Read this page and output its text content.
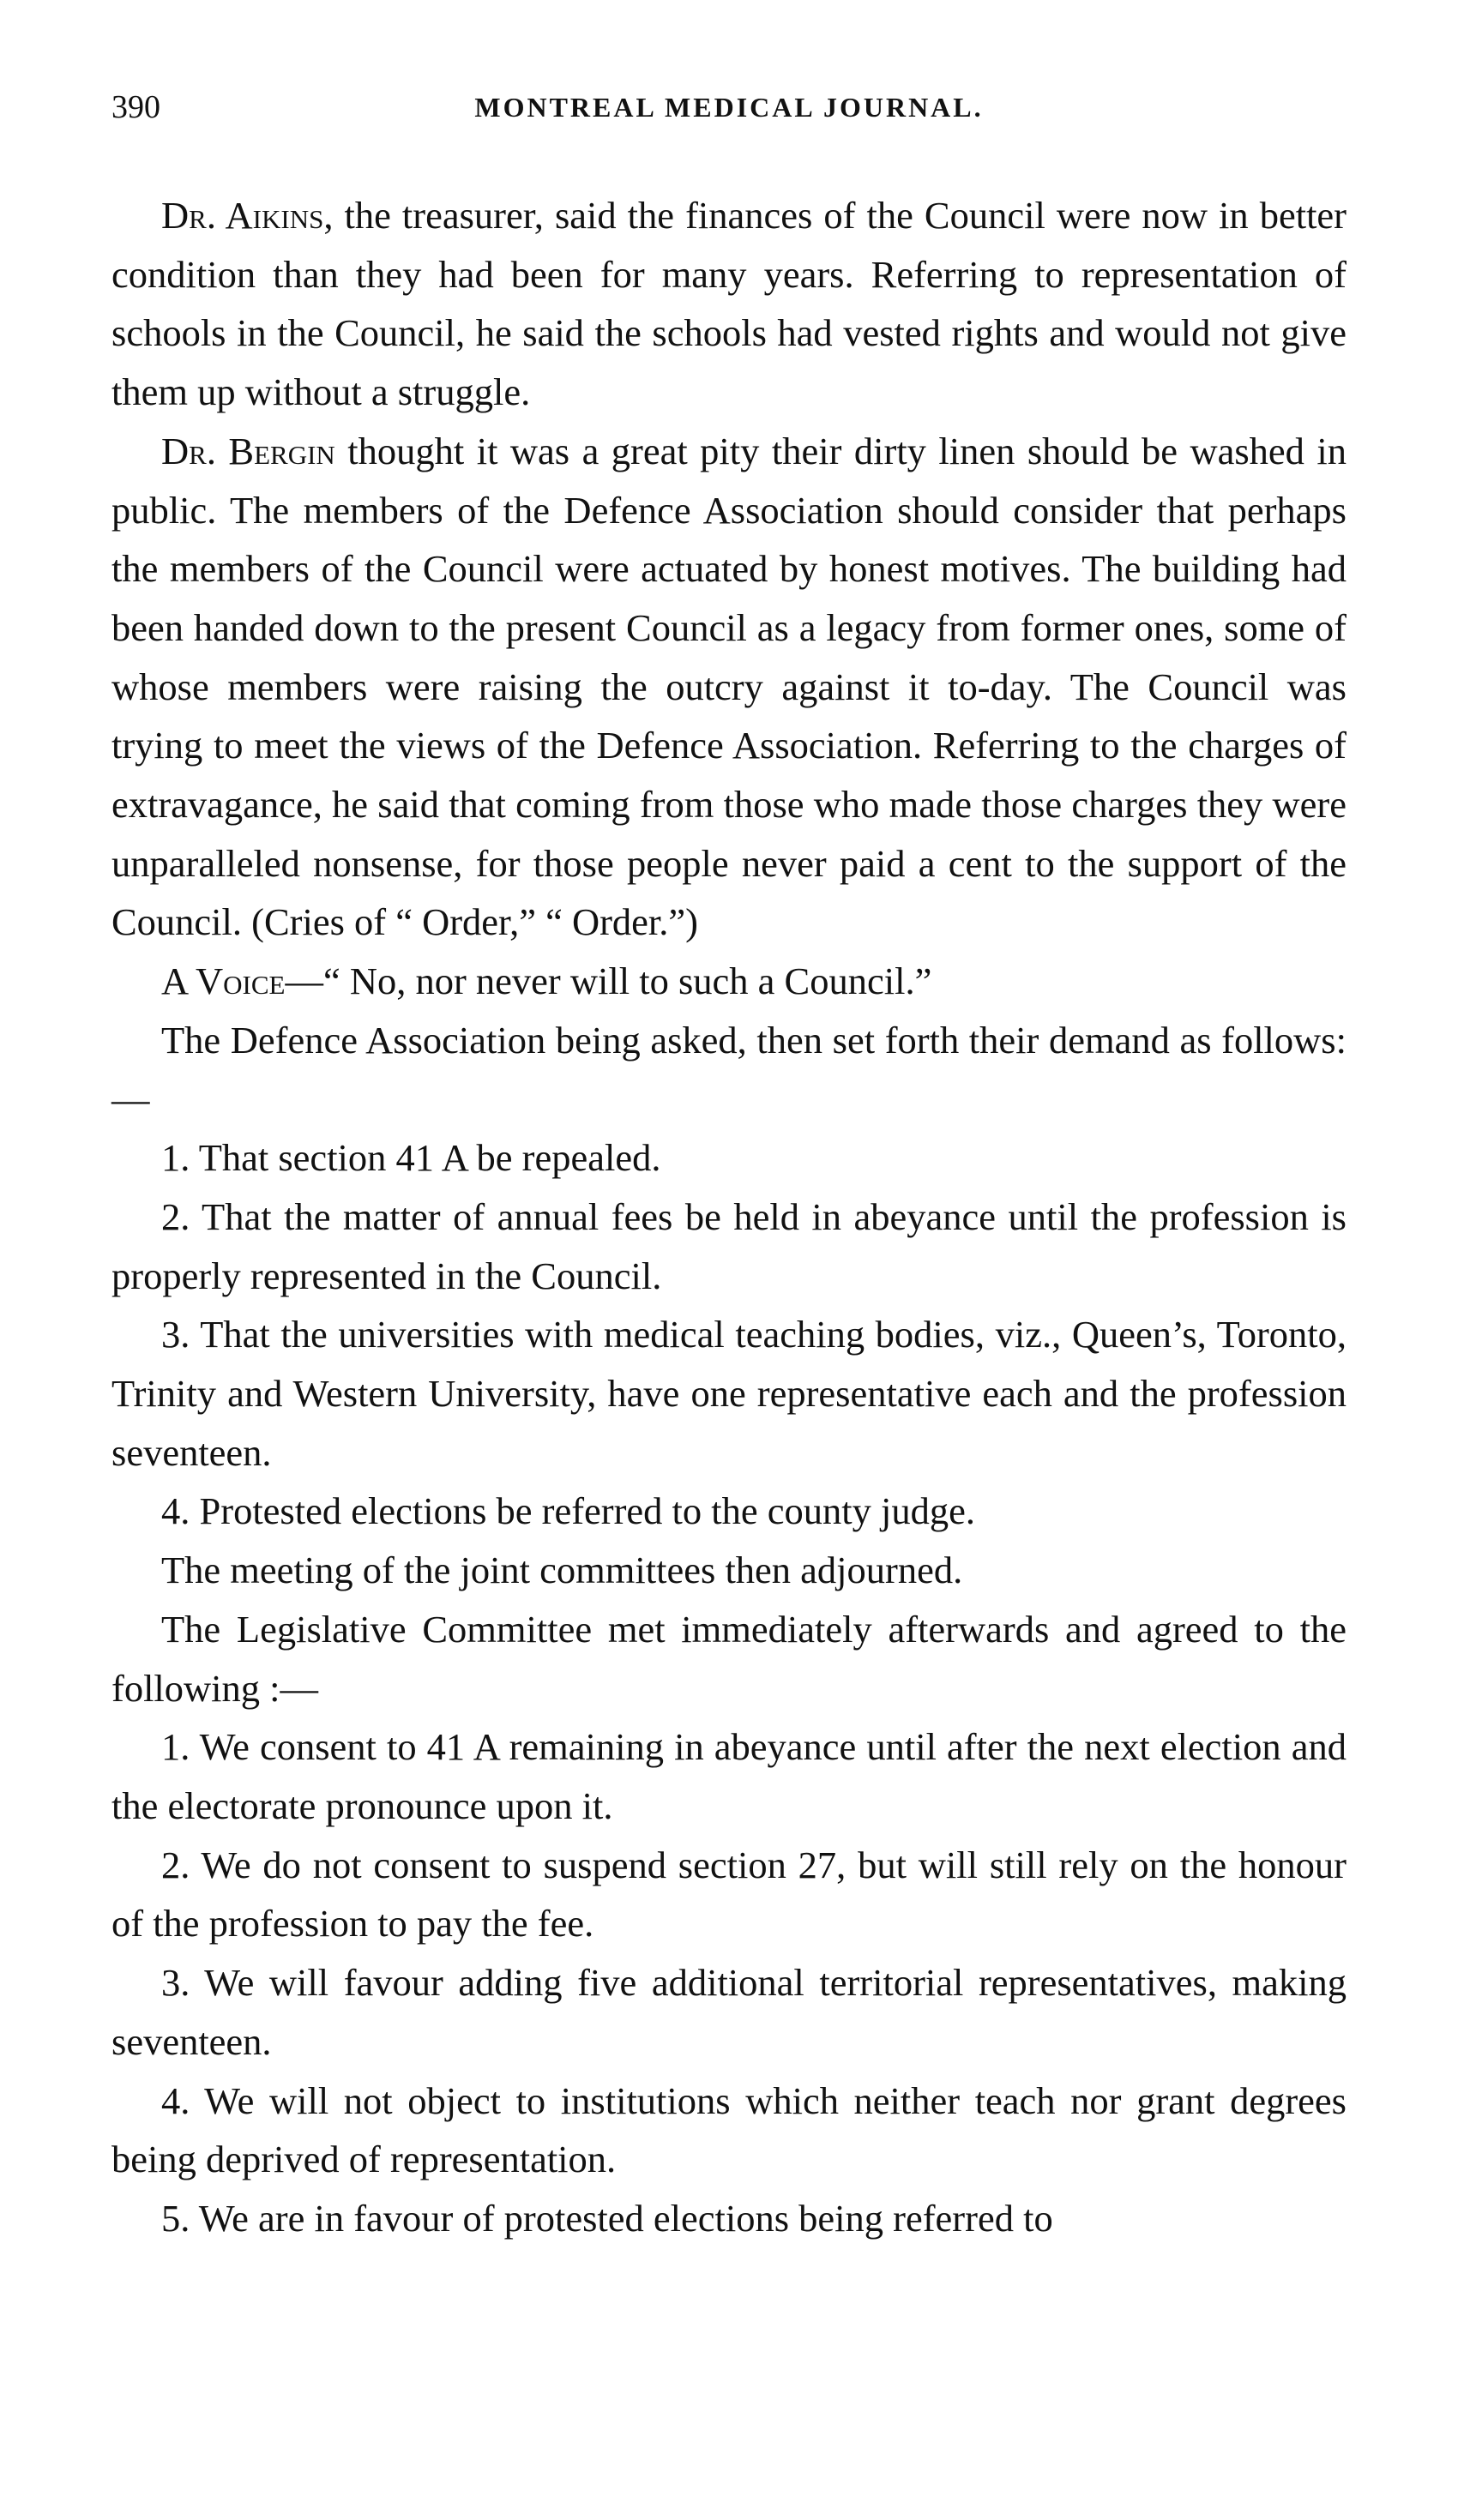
390	MONTREAL MEDICAL JOURNAL.

Dr. Aikins, the treasurer, said the finances of the Council were now in better condition than they had been for many years. Referring to representation of schools in the Council, he said the schools had vested rights and would not give them up without a struggle.

Dr. Bergin thought it was a great pity their dirty linen should be washed in public. The members of the Defence Association should consider that perhaps the members of the Council were actuated by honest motives. The building had been handed down to the present Council as a legacy from former ones, some of whose members were raising the outcry against it to-day. The Council was trying to meet the views of the Defence Association. Referring to the charges of extravagance, he said that coming from those who made those charges they were unparalleled nonsense, for those people never paid a cent to the support of the Council. (Cries of “ Order,” “ Order.”)

A Voice—“ No, nor never will to such a Council.”

The Defence Association being asked, then set forth their demand as follows:—

1. That section 41 A be repealed.

2. That the matter of annual fees be held in abeyance until the profession is properly represented in the Council.

3. That the universities with medical teaching bodies, viz., Queen’s, Toronto, Trinity and Western University, have one representative each and the profession seventeen.

4. Protested elections be referred to the county judge.

The meeting of the joint committees then adjourned.

The Legislative Committee met immediately afterwards and agreed to the following :—

1. We consent to 41 A remaining in abeyance until after the next election and the electorate pronounce upon it.

2. We do not consent to suspend section 27, but will still rely on the honour of the profession to pay the fee.

3. We will favour adding five additional territorial representatives, making seventeen.

4. We will not object to institutions which neither teach nor grant degrees being deprived of representation.

5. We are in favour of protested elections being referred to
